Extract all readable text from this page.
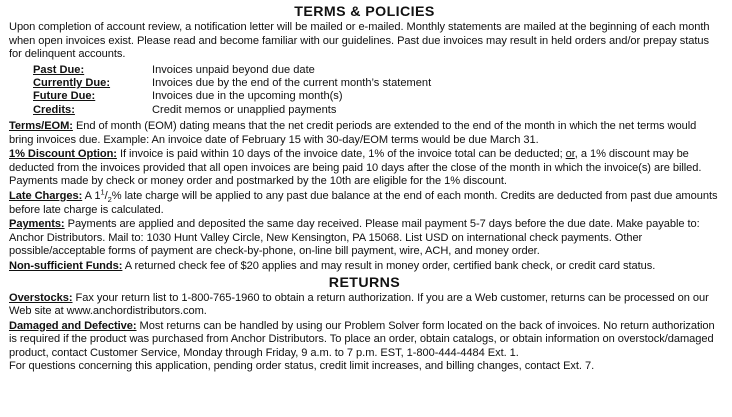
TERMS & POLICIES

Upon completion of account review, a notification letter will be mailed or e-mailed. Monthly statements are mailed at the beginning of each month when open invoices exist. Please read and become familiar with our guidelines. Past due invoices may result in held orders and/or prepay status for delinquent accounts.

Past Due:	Invoices unpaid beyond due date
Currently Due:	Invoices due by the end of the current month’s statement
Future Due:	Invoices due in the upcoming month(s)
Credits:	Credit memos or unapplied payments

Terms/EOM: End of month (EOM) dating means that the net credit periods are extended to the end of the month in which the net terms would bring invoices due. Example: An invoice date of February 15 with 30-day/EOM terms would be due March 31.

1% Discount Option: If invoice is paid within 10 days of the invoice date, 1% of the invoice total can be deducted; or, a 1% discount may be deducted from the invoices provided that all open invoices are being paid 10 days after the close of the month in which the invoice(s) are billed. Payments made by check or money order and postmarked by the 10th are eligible for the 1% discount.

Late Charges: A $1^1/_2\%$ late charge will be applied to any past due balance at the end of each month. Credits are deducted from past due amounts before late charge is calculated.

Payments: Payments are applied and deposited the same day received. Please mail payment 5-7 days before the due date. Make payable to: Anchor Distributors. Mail to: 1030 Hunt Valley Circle, New Kensington, PA 15068. List USD on international check payments. Other possible/acceptable forms of payment are check-by-phone, on-line bill payment, wire, ACH, and money order.

Non-sufficient Funds: A returned check fee of $20 applies and may result in money order, certified bank check, or credit card status.

RETURNS

Overstocks: Fax your return list to 1-800-765-1960 to obtain a return authorization. If you are a Web customer, returns can be processed on our Web site at www.anchordistributors.com.

Damaged and Defective: Most returns can be handled by using our Problem Solver form located on the back of invoices. No return authorization is required if the product was purchased from Anchor Distributors. To place an order, obtain catalogs, or obtain information on overstock/damaged product, contact Customer Service, Monday through Friday, 9 a.m. to 7 p.m. EST, 1-800-444-4484 Ext. 1.

For questions concerning this application, pending order status, credit limit increases, and billing changes, contact Ext. 7.
